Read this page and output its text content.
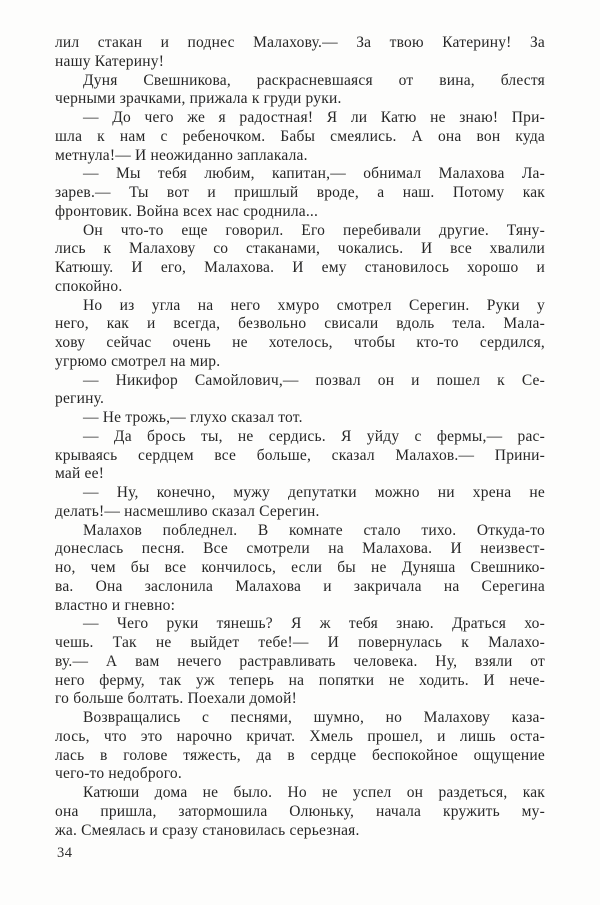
лил стакан и поднес Малахову.— За твою Катерину! За
нашу Катерину!
Дуня Свешникова, раскрасневшаяся от вина, блестя
черными зрачками, прижала к груди руки.
— До чего же я радостная! Я ли Катю не знаю! При-
шла к нам с ребеночком. Бабы смеялись. А она вон куда
метнула!— И неожиданно заплакала.
— Мы тебя любим, капитан,— обнимал Малахова Ла-
зарев.— Ты вот и пришлый вроде, а наш. Потому как
фронтовик. Война всех нас сроднила...
Он что-то еще говорил. Его перебивали другие. Тяну-
лись к Малахову со стаканами, чокались. И все хвалили
Катюшу. И его, Малахова. И ему становилось хорошо и
спокойно.
Но из угла на него хмуро смотрел Серегин. Руки у
него, как и всегда, безвольно свисали вдоль тела. Мала-
хову сейчас очень не хотелось, чтобы кто-то сердился,
угрюмо смотрел на мир.
— Никифор Самойлович,— позвал он и пошел к Се-
регину.
— Не трожь,— глухо сказал тот.
— Да брось ты, не сердись. Я уйду с фермы,— рас-
крываясь сердцем все больше, сказал Малахов.— Прини-
май ее!
— Ну, конечно, мужу депутатки можно ни хрена не
делать!— насмешливо сказал Серегин.
Малахов побледнел. В комнате стало тихо. Откуда-то
донеслась песня. Все смотрели на Малахова. И неизвест-
но, чем бы все кончилось, если бы не Дуняша Свешнико-
ва. Она заслонила Малахова и закричала на Серегина
властно и гневно:
— Чего руки тянешь? Я ж тебя знаю. Драться хо-
чешь. Так не выйдет тебе!— И повернулась к Малахо-
ву.— А вам нечего растравливать человека. Ну, взяли от
него ферму, так уж теперь на попятки не ходить. И нече-
го больше болтать. Поехали домой!
Возвращались с песнями, шумно, но Малахову каза-
лось, что это нарочно кричат. Хмель прошел, и лишь оста-
лась в голове тяжесть, да в сердце беспокойное ощущение
чего-то недоброго.
Катюши дома не было. Но не успел он раздеться, как
она пришла, затормошила Олюньку, начала кружить му-
жа. Смеялась и сразу становилась серьезная.
34
